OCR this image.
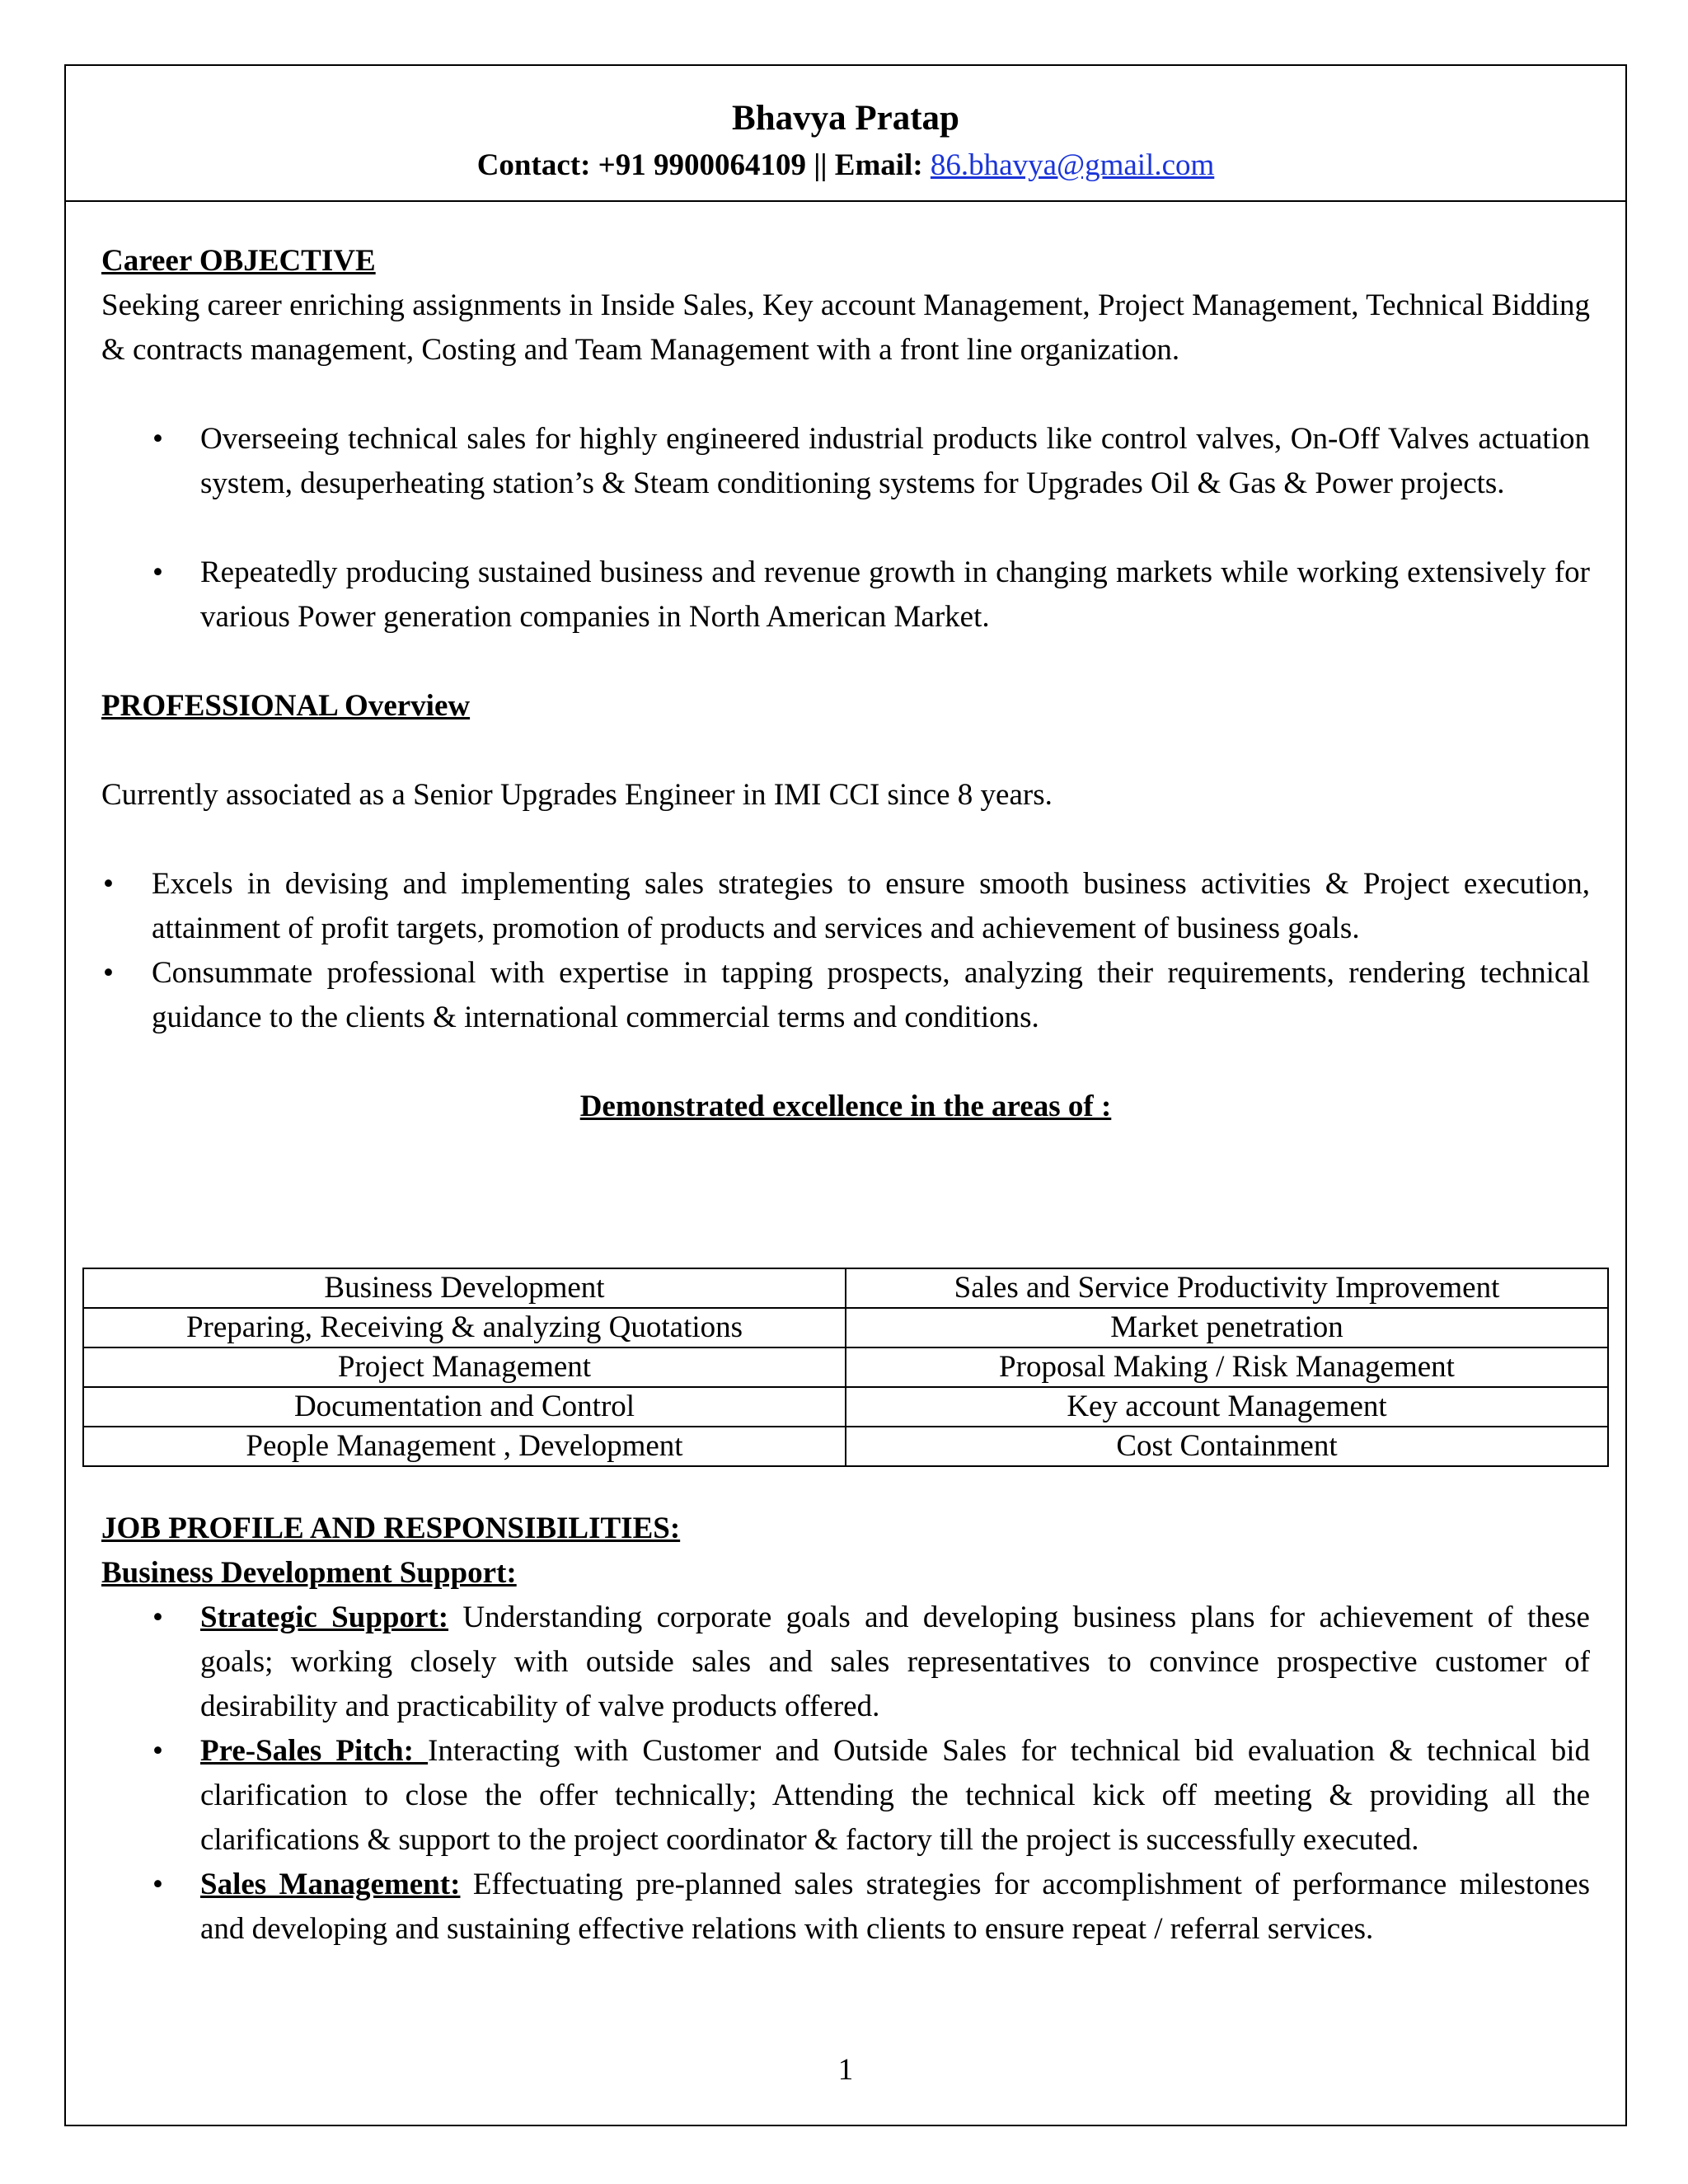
Bhavya Pratap
Contact: +91 9900064109 || Email: 86.bhavya@gmail.com
Career OBJECTIVE

Seeking career enriching assignments in Inside Sales, Key account Management, Project Management, Technical Bidding & contracts management, Costing and Team Management with a front line organization.

• Overseeing technical sales for highly engineered industrial products like control valves, On-Off Valves actuation system, desuperheating station’s & Steam conditioning systems for Upgrades Oil & Gas & Power projects.
• Repeatedly producing sustained business and revenue growth in changing markets while working extensively for various Power generation companies in North American Market.
PROFESSIONAL Overview

Currently associated as a Senior Upgrades Engineer in IMI CCI since 8 years.

• Excels in devising and implementing sales strategies to ensure smooth business activities & Project execution, attainment of profit targets, promotion of products and services and achievement of business goals.
• Consummate professional with expertise in tapping prospects, analyzing their requirements, rendering technical guidance to the clients & international commercial terms and conditions.
Demonstrated excellence in the areas of :
Business Development	Sales and Service Productivity Improvement
Preparing, Receiving & analyzing Quotations	Market penetration
Project Management	Proposal Making / Risk Management
Documentation and Control	Key account Management
People Management , Development	Cost Containment
JOB PROFILE AND RESPONSIBILITIES:
Business Development Support:
• Strategic Support: Understanding corporate goals and developing business plans for achievement of these goals; working closely with outside sales and sales representatives to convince prospective customer of desirability and practicability of valve products offered.
• Pre-Sales Pitch: Interacting with Customer and Outside Sales for technical bid evaluation & technical bid clarification to close the offer technically; Attending the technical kick off meeting & providing all the clarifications & support to the project coordinator & factory till the project is successfully executed.
• Sales Management: Effectuating pre-planned sales strategies for accomplishment of performance milestones and developing and sustaining effective relations with clients to ensure repeat / referral services.
1
